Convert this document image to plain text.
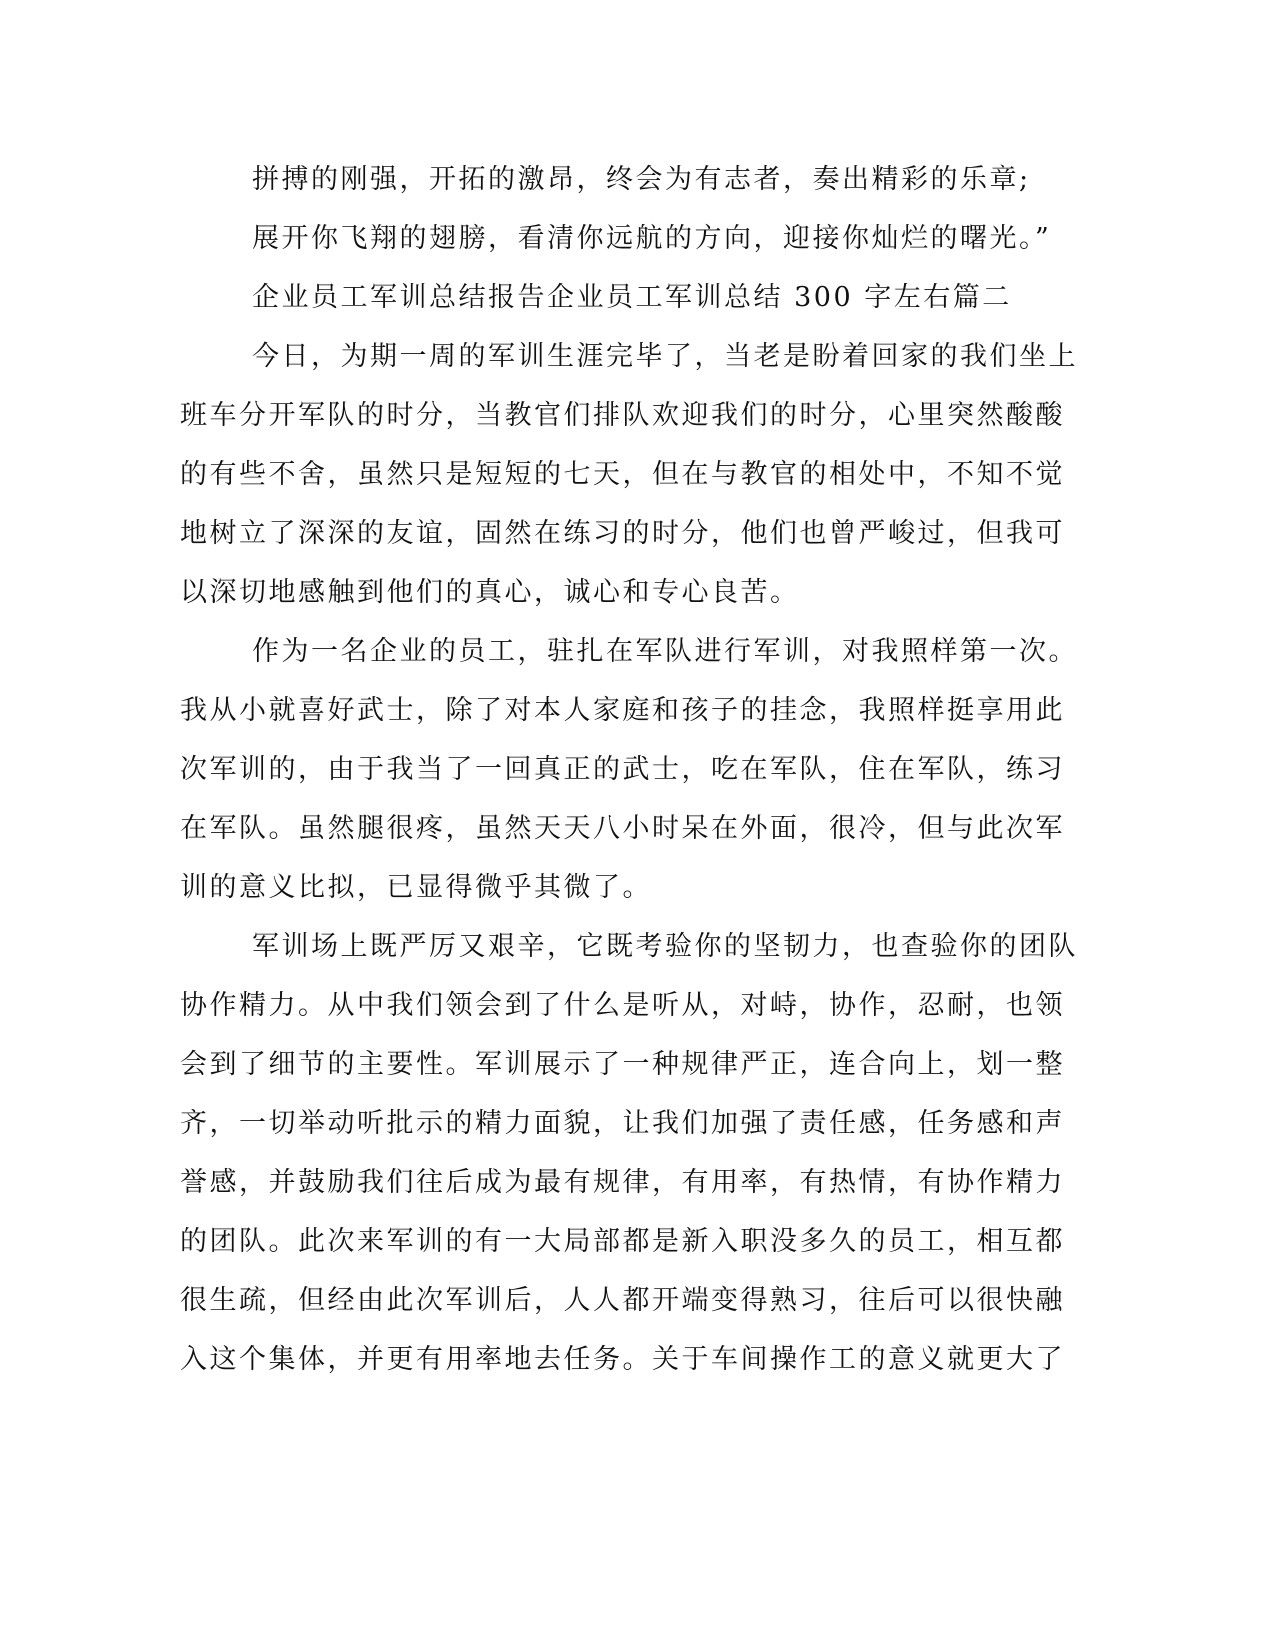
拼搏的刚强，开拓的激昂，终会为有志者，奏出精彩的乐章;
展开你飞翔的翅膀，看清你远航的方向，迎接你灿烂的曙光。”
企业员工军训总结报告企业员工军训总结 300 字左右篇二
今日，为期一周的军训生涯完毕了，当老是盼着回家的我们坐上
班车分开军队的时分，当教官们排队欢迎我们的时分，心里突然酸酸
的有些不舍，虽然只是短短的七天，但在与教官的相处中，不知不觉
地树立了深深的友谊，固然在练习的时分，他们也曾严峻过，但我可
以深切地感触到他们的真心，诚心和专心良苦。
作为一名企业的员工，驻扎在军队进行军训，对我照样第一次。
我从小就喜好武士，除了对本人家庭和孩子的挂念，我照样挺享用此
次军训的，由于我当了一回真正的武士，吃在军队，住在军队，练习
在军队。虽然腿很疼，虽然天天八小时呆在外面，很冷，但与此次军
训的意义比拟，已显得微乎其微了。
军训场上既严厉又艰辛，它既考验你的坚韧力，也查验你的团队
协作精力。从中我们领会到了什么是听从，对峙，协作，忍耐，也领
会到了细节的主要性。军训展示了一种规律严正，连合向上，划一整
齐，一切举动听批示的精力面貌，让我们加强了责任感，任务感和声
誉感，并鼓励我们往后成为最有规律，有用率，有热情，有协作精力
的团队。此次来军训的有一大局部都是新入职没多久的员工，相互都
很生疏，但经由此次军训后，人人都开端变得熟习，往后可以很快融
入这个集体，并更有用率地去任务。关于车间操作工的意义就更大了
